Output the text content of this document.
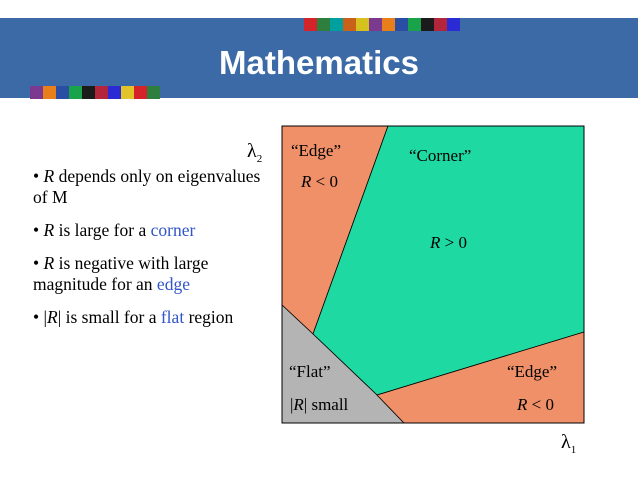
Mathematics
• R depends only on eigenvalues of M
• R is large for a corner
• R is negative with large magnitude for an edge
• |R| is small for a flat region
$\lambda_2$
$\lambda_1$
“Edge”
R < 0
“Corner”
R > 0
“Flat”
|R| small
“Edge”
R < 0
